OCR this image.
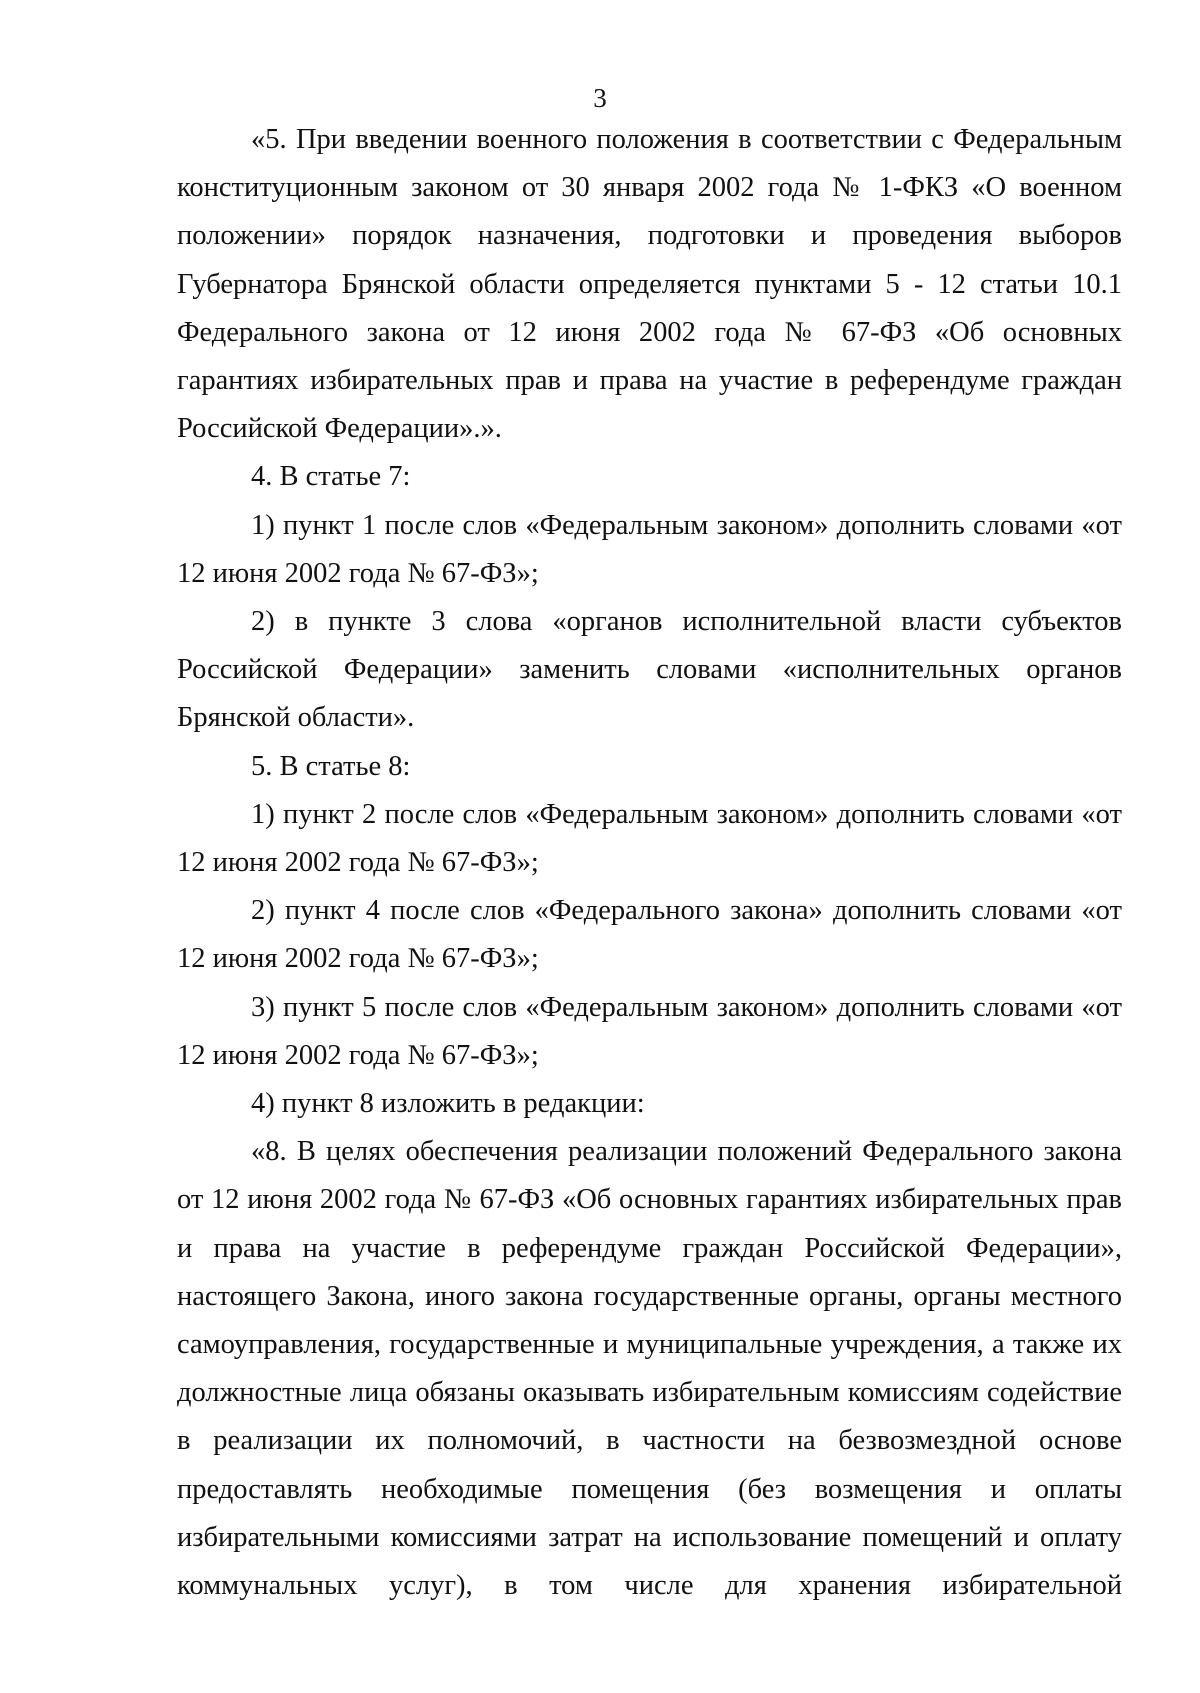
3

«5. При введении военного положения в соответствии с Федеральным конституционным законом от 30 января 2002 года № 1-ФКЗ «О военном положении» порядок назначения, подготовки и проведения выборов Губернатора Брянской области определяется пунктами 5 - 12 статьи 10.1 Федерального закона от 12 июня 2002 года № 67-ФЗ «Об основных гарантиях избирательных прав и права на участие в референдуме граждан Российской Федерации».».

4. В статье 7:

1) пункт 1 после слов «Федеральным законом» дополнить словами «от 12 июня 2002 года № 67-ФЗ»;

2) в пункте 3 слова «органов исполнительной власти субъектов Российской Федерации» заменить словами «исполнительных органов Брянской области».

5. В статье 8:

1) пункт 2 после слов «Федеральным законом» дополнить словами «от 12 июня 2002 года № 67-ФЗ»;

2) пункт 4 после слов «Федерального закона» дополнить словами «от 12 июня 2002 года № 67-ФЗ»;

3) пункт 5 после слов «Федеральным законом» дополнить словами «от 12 июня 2002 года № 67-ФЗ»;

4) пункт 8 изложить в редакции:

«8. В целях обеспечения реализации положений Федерального закона от 12 июня 2002 года № 67-ФЗ «Об основных гарантиях избирательных прав и права на участие в референдуме граждан Российской Федерации», настоящего Закона, иного закона государственные органы, органы местного самоуправления, государственные и муниципальные учреждения, а также их должностные лица обязаны оказывать избирательным комиссиям содействие в реализации их полномочий, в частности на безвозмездной основе предоставлять необходимые помещения (без возмещения и оплаты избирательными комиссиями затрат на использование помещений и оплату коммунальных услуг), в том числе для хранения избирательной
